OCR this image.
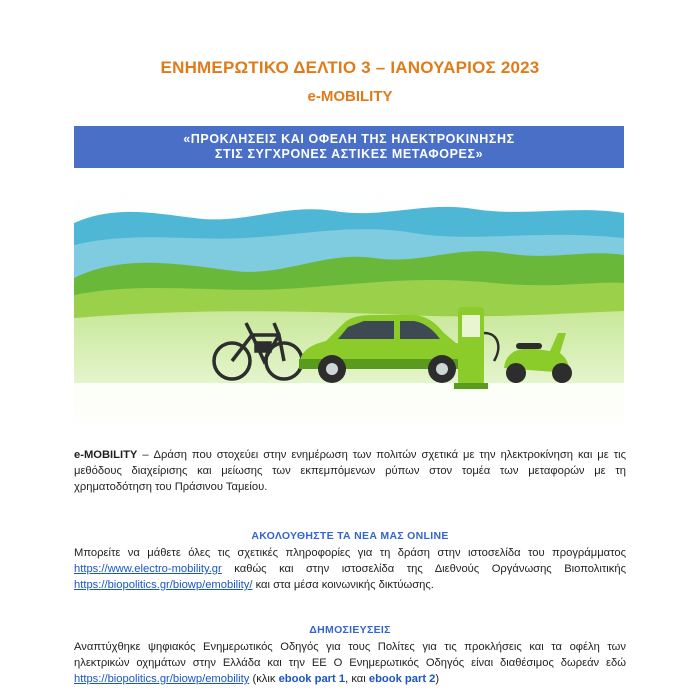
ΕΝΗΜΕΡΩΤΙΚΟ ΔΕΛΤΙΟ 3 – ΙΑΝΟΥΑΡΙΟΣ 2023
e-MOBILITY
«ΠΡΟΚΛΗΣΕΙΣ ΚΑΙ ΟΦΕΛΗ ΤΗΣ ΗΛΕΚΤΡΟΚΙΝΗΣΗΣ
ΣΤΙΣ ΣΥΓΧΡΟΝΕΣ ΑΣΤΙΚΕΣ ΜΕΤΑΦΟΡΕΣ»
e-MOBILITY – Δράση που στοχεύει στην ενημέρωση των πολιτών σχετικά με την ηλεκτροκίνηση και με τις μεθόδους διαχείρισης και μείωσης των εκπεμπόμενων ρύπων στον τομέα των μεταφορών με τη χρηματοδότηση του Πράσινου Ταμείου.
ΑΚΟΛΟΥΘΗΣΤΕ ΤΑ ΝΕΑ ΜΑΣ ONLINE
Μπορείτε να μάθετε όλες τις σχετικές πληροφορίες για τη δράση στην ιστοσελίδα του προγράμματος https://www.electro-mobility.gr καθώς και στην ιστοσελίδα της Διεθνούς Οργάνωσης Βιοπολιτικής https://biopolitics.gr/biowp/emobility/ και στα μέσα κοινωνικής δικτύωσης.
ΔΗΜΟΣΙΕΥΣΕΙΣ
Αναπτύχθηκε ψηφιακός Ενημερωτικός Οδηγός για τους Πολίτες για τις προκλήσεις και τα οφέλη των ηλεκτρικών οχημάτων στην Ελλάδα και την ΕΕ Ο Ενημερωτικός Οδηγός είναι διαθέσιμος δωρεάν εδώ https://biopolitics.gr/biowp/emobility (κλικ ebook part 1, και ebook part 2)
